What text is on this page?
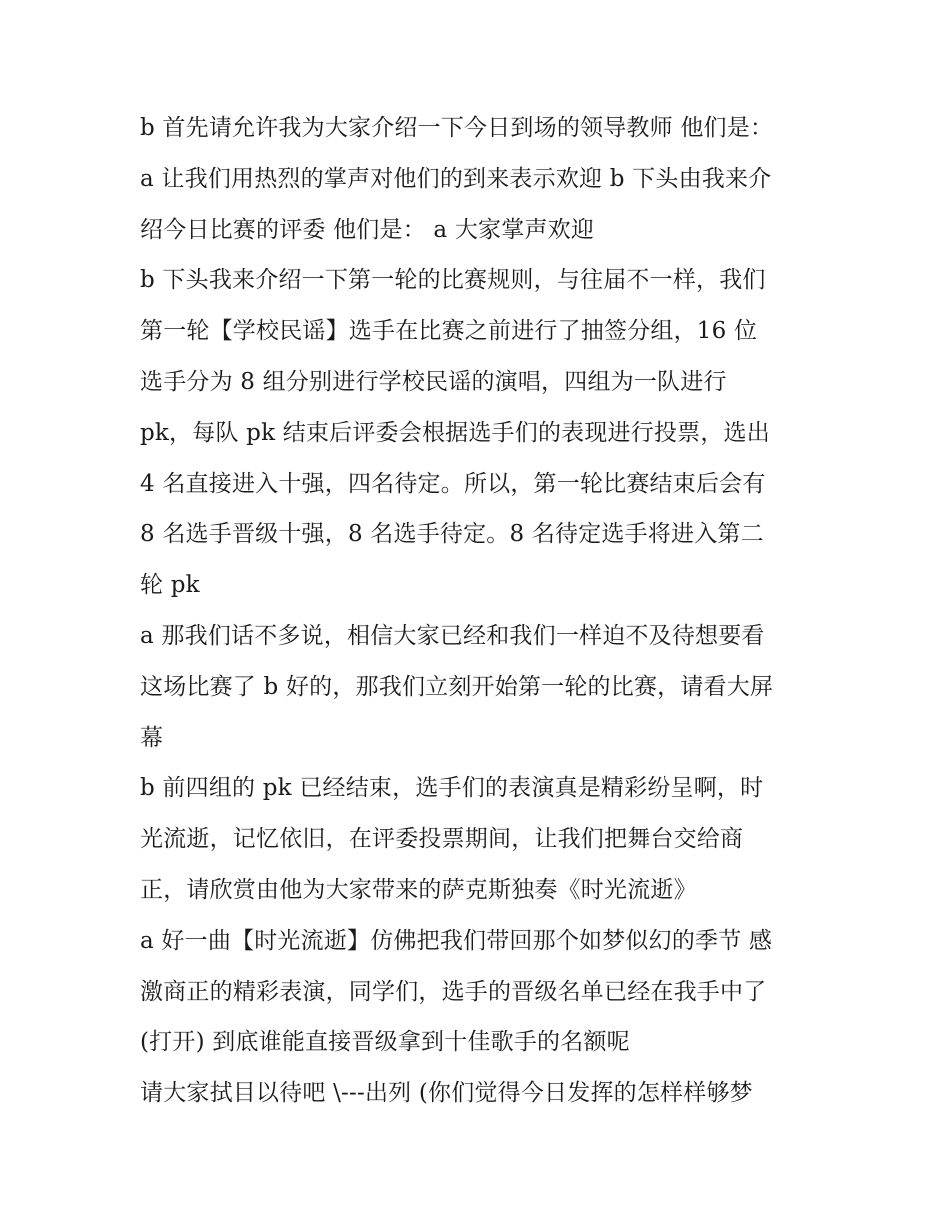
b 首先请允许我为大家介绍一下今日到场的领导教师 他们是：
a 让我们用热烈的掌声对他们的到来表示欢迎 b 下头由我来介
绍今日比赛的评委 他们是： a 大家掌声欢迎
b 下头我来介绍一下第一轮的比赛规则，与往届不一样，我们
第一轮【学校民谣】选手在比赛之前进行了抽签分组，16 位
选手分为 8 组分别进行学校民谣的演唱，四组为一队进行
pk，每队 pk 结束后评委会根据选手们的表现进行投票，选出
4 名直接进入十强，四名待定。所以，第一轮比赛结束后会有
8 名选手晋级十强，8 名选手待定。8 名待定选手将进入第二
轮 pk
a 那我们话不多说，相信大家已经和我们一样迫不及待想要看
这场比赛了 b 好的，那我们立刻开始第一轮的比赛，请看大屏
幕
b 前四组的 pk 已经结束，选手们的表演真是精彩纷呈啊，时
光流逝，记忆依旧，在评委投票期间，让我们把舞台交给商
正，请欣赏由他为大家带来的萨克斯独奏《时光流逝》
a 好一曲【时光流逝】仿佛把我们带回那个如梦似幻的季节 感
激商正的精彩表演，同学们，选手的晋级名单已经在我手中了
(打开) 到底谁能直接晋级拿到十佳歌手的名额呢
请大家拭目以待吧 \---出列 (你们觉得今日发挥的怎样样够梦
